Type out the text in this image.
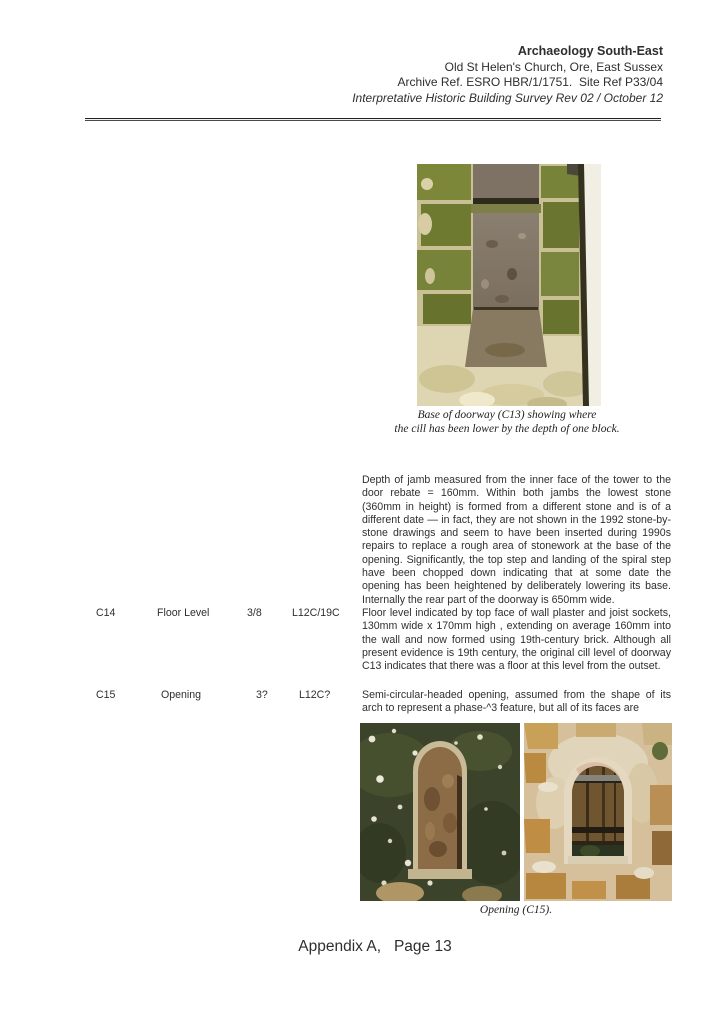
Archaeology South-East
Old St Helen's Church, Ore, East Sussex
Archive Ref. ESRO HBR/1/1751.  Site Ref P33/04
Interpretative Historic Building Survey Rev 02 / October 12
Base of doorway (C13) showing where
the cill has been lower by the depth of one block.
Depth of jamb measured from the inner face of the tower to the door rebate = 160mm. Within both jambs the lowest stone (360mm in height) is formed from a different stone and is of a different date — in fact, they are not shown in the 1992 stone-by-stone drawings and seem to have been inserted during 1990s repairs to replace a rough area of stonework at the base of the opening. Significantly, the top step and landing of the spiral step have been chopped down indicating that at some date the opening has been heightened by deliberately lowering its base. Internally the rear part of the doorway is 650mm wide.
C14	Floor Level	3/8	L12C/19C Floor level indicated by top face of wall plaster and joist sockets, 130mm wide x 170mm high , extending on average 160mm into the wall and now formed using 19th-century brick. Although all present evidence is 19th century, the original cill level of doorway C13 indicates that there was a floor at this level from the outset.
C15	Opening	3?	L12C?	Semi-circular-headed opening, assumed from the shape of its arch to represent a phase-^3 feature, but all of its faces are
Opening (C15).
Appendix A,   Page 13
